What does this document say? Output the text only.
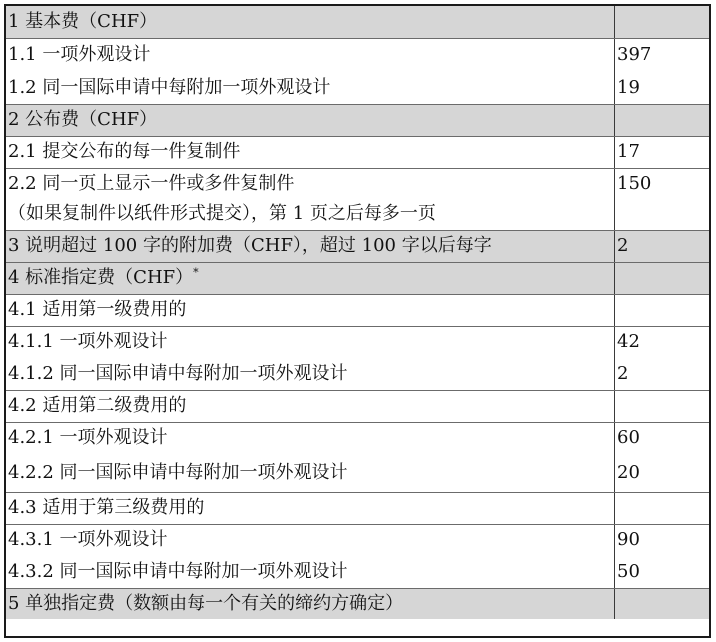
1 基本费（CHF）	
1.1 一项外观设计	397
1.2 同一国际申请中每附加一项外观设计	19
2 公布费（CHF）	
2.1 提交公布的每一件复制件	17

2.2 同一页上显示一件或多件复制件
（如果复制件以纸件形式提交），第 1 页之后每多一页	150

3 说明超过 100 字的附加费（CHF），超过 100 字以后每字	2
4 标准指定费（CHF）*	
4.1 适用第一级费用的	
4.1.1 一项外观设计	42
4.1.2 同一国际申请中每附加一项外观设计	2
4.2 适用第二级费用的	
4.2.1 一项外观设计	60
4.2.2 同一国际申请中每附加一项外观设计	20
4.3 适用于第三级费用的	
4.3.1 一项外观设计	90
4.3.2 同一国际申请中每附加一项外观设计	50
5 单独指定费（数额由每一个有关的缔约方确定）	
